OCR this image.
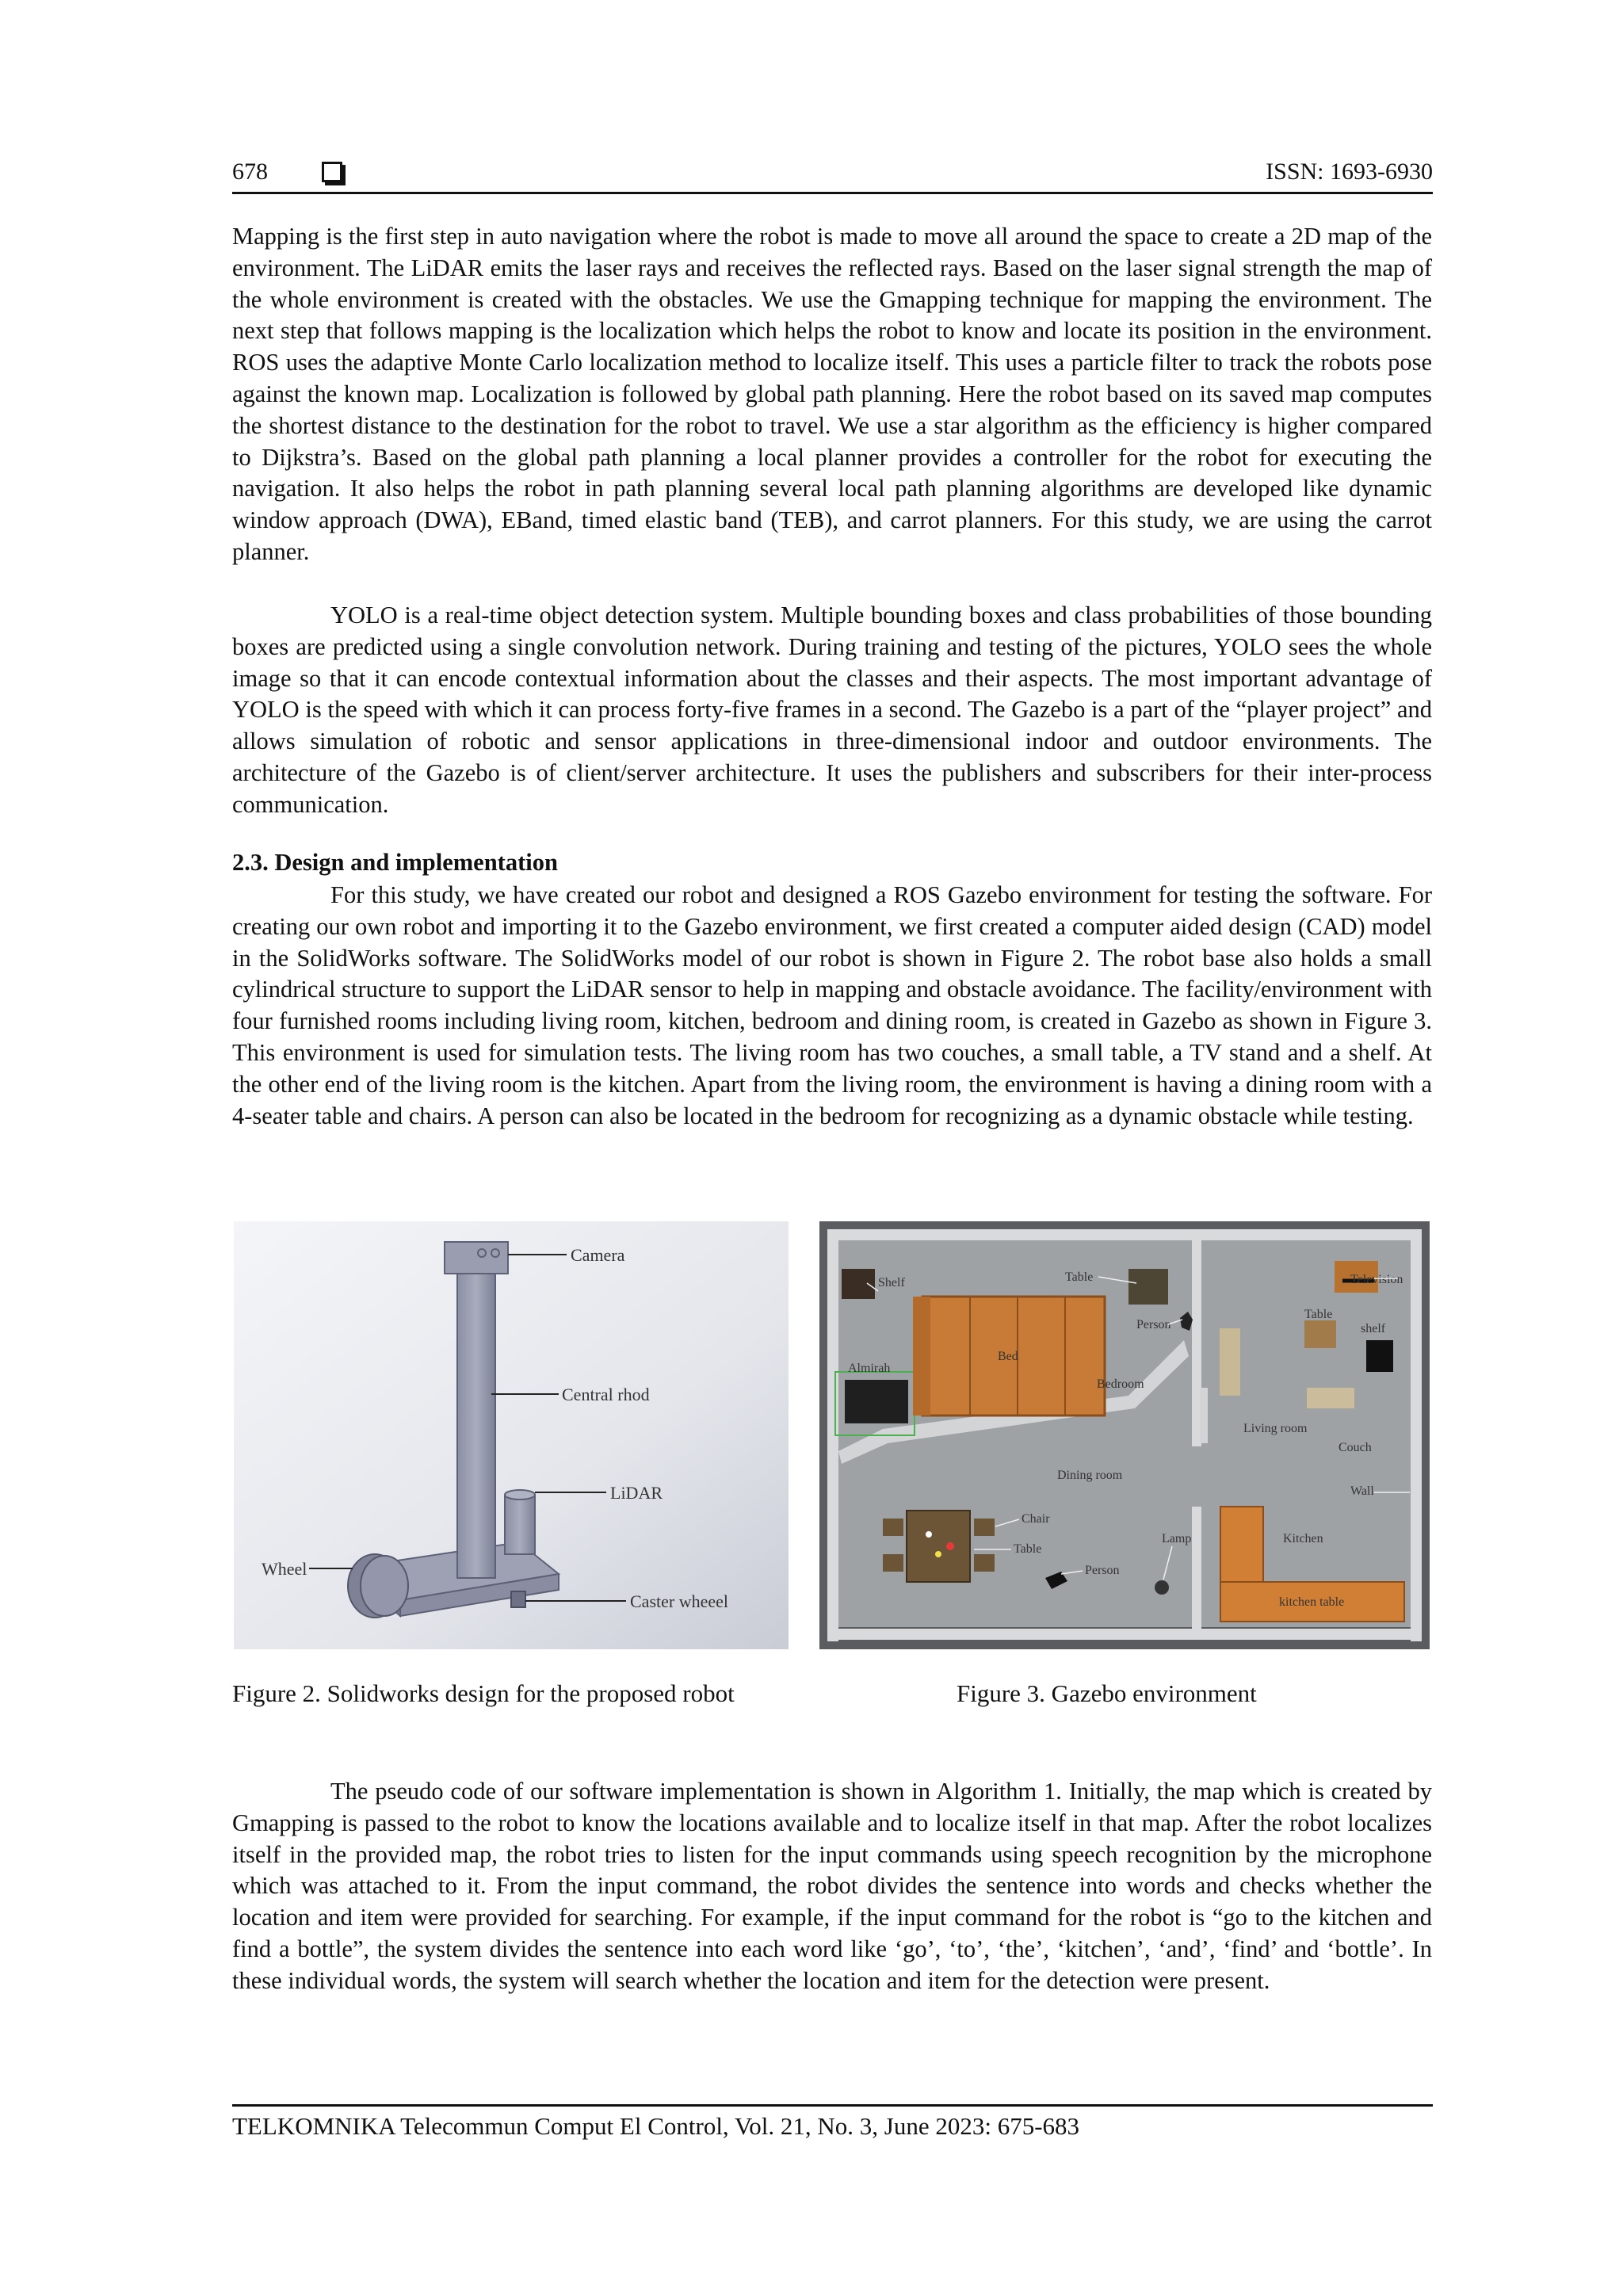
678	ISSN: 1693-6930

Mapping is the first step in auto navigation where the robot is made to move all around the space to create a 2D map of the environment. The LiDAR emits the laser rays and receives the reflected rays. Based on the laser signal strength the map of the whole environment is created with the obstacles. We use the Gmapping technique for mapping the environment. The next step that follows mapping is the localization which helps the robot to know and locate its position in the environment. ROS uses the adaptive Monte Carlo localization method to localize itself. This uses a particle filter to track the robots pose against the known map. Localization is followed by global path planning. Here the robot based on its saved map computes the shortest distance to the destination for the robot to travel. We use a star algorithm as the efficiency is higher compared to Dijkstra’s. Based on the global path planning a local planner provides a controller for the robot for executing the navigation. It also helps the robot in path planning several local path planning algorithms are developed like dynamic window approach (DWA), EBand, timed elastic band (TEB), and carrot planners. For this study, we are using the carrot planner.

YOLO is a real-time object detection system. Multiple bounding boxes and class probabilities of those bounding boxes are predicted using a single convolution network. During training and testing of the pictures, YOLO sees the whole image so that it can encode contextual information about the classes and their aspects. The most important advantage of YOLO is the speed with which it can process forty-five frames in a second. The Gazebo is a part of the “player project” and allows simulation of robotic and sensor applications in three-dimensional indoor and outdoor environments. The architecture of the Gazebo is of client/server architecture. It uses the publishers and subscribers for their inter-process communication.

2.3. Design and implementation

For this study, we have created our robot and designed a ROS Gazebo environment for testing the software. For creating our own robot and importing it to the Gazebo environment, we first created a computer aided design (CAD) model in the SolidWorks software. The SolidWorks model of our robot is shown in Figure 2. The robot base also holds a small cylindrical structure to support the LiDAR sensor to help in mapping and obstacle avoidance. The facility/environment with four furnished rooms including living room, kitchen, bedroom and dining room, is created in Gazebo as shown in Figure 3. This environment is used for simulation tests. The living room has two couches, a small table, a TV stand and a shelf. At the other end of the living room is the kitchen. Apart from the living room, the environment is having a dining room with a 4-seater table and chairs. A person can also be located in the bedroom for recognizing as a dynamic obstacle while testing.

Camera
Central rhod
LiDAR
Wheel
Caster wheeel
Shelf
Almirah
Bed
Table
Person
Bedroom
Television
Table
shelf
Living room
Couch
Dining room
Wall
Chair
Table
Lamp
Person
Kitchen
kitchen table
Figure 2. Solidworks design for the proposed robot	Figure 3. Gazebo environment

The pseudo code of our software implementation is shown in Algorithm 1. Initially, the map which is created by Gmapping is passed to the robot to know the locations available and to localize itself in that map. After the robot localizes itself in the provided map, the robot tries to listen for the input commands using speech recognition by the microphone which was attached to it. From the input command, the robot divides the sentence into words and checks whether the location and item were provided for searching. For example, if the input command for the robot is “go to the kitchen and find a bottle”, the system divides the sentence into each word like ‘go’, ‘to’, ‘the’, ‘kitchen’, ‘and’, ‘find’ and ‘bottle’. In these individual words, the system will search whether the location and item for the detection were present.

TELKOMNIKA Telecommun Comput El Control, Vol. 21, No. 3, June 2023: 675-683
